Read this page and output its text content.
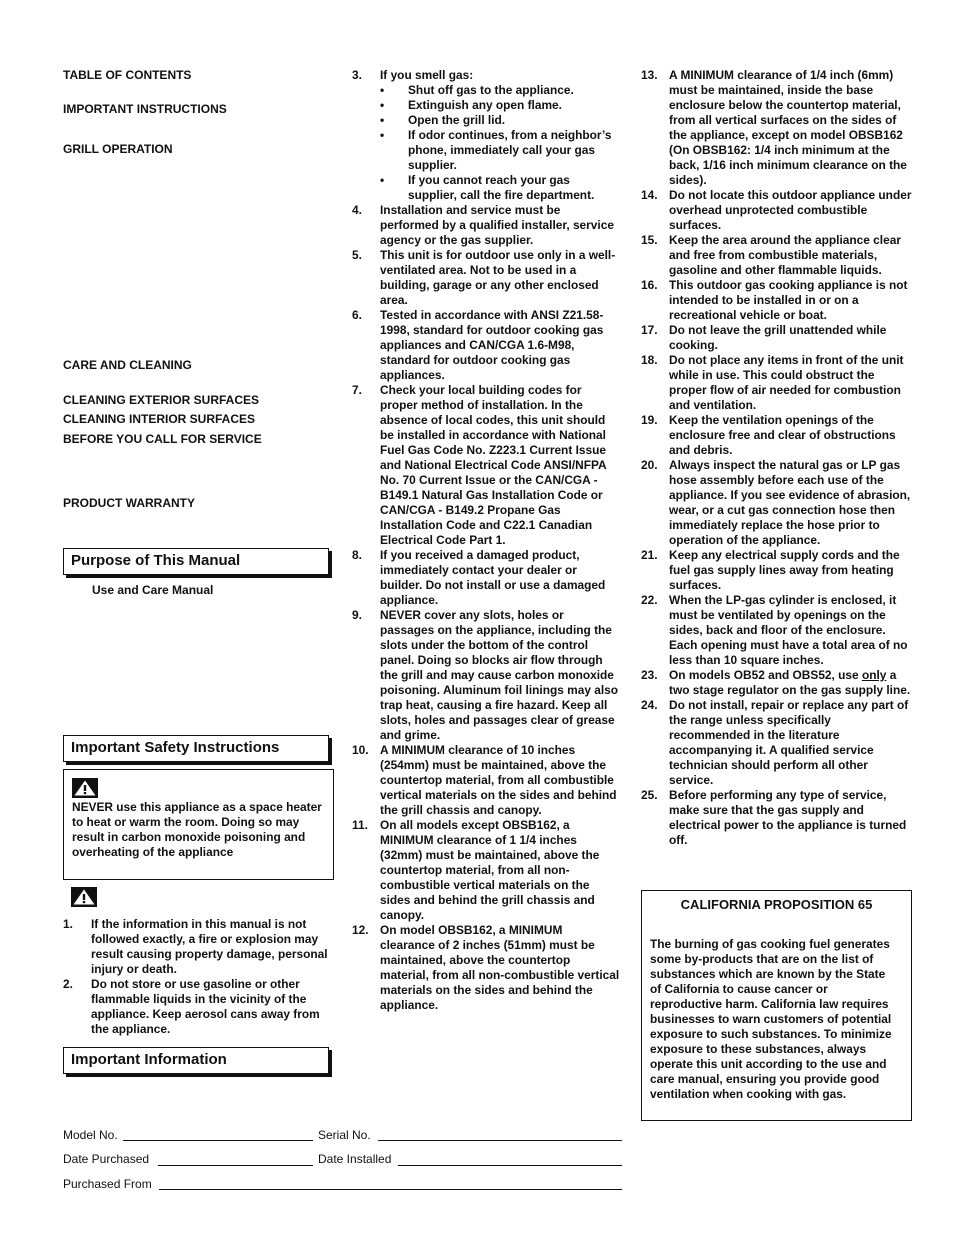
TABLE OF CONTENTS
IMPORTANT INSTRUCTIONS
GRILL OPERATION
CARE AND CLEANING
CLEANING EXTERIOR SURFACES
CLEANING INTERIOR SURFACES
BEFORE YOU CALL FOR SERVICE
PRODUCT WARRANTY
Purpose of This Manual
Use and Care Manual
Important Safety Instructions
NEVER use this appliance as a space heater to heat or warm the room. Doing so may result in carbon monoxide poisoning and overheating of the appliance
1.	If the information in this manual is not followed exactly, a fire or explosion may result causing property damage, personal injury or death.
2.	Do not store or use gasoline or other flammable liquids in the vicinity of the appliance. Keep aerosol cans away from the appliance.
Important Information
3.	If you smell gas:
•	Shut off gas to the appliance.
•	Extinguish any open flame.
•	Open the grill lid.
•	If odor continues, from a neighbor’s phone, immediately call your gas supplier.
•	If you cannot reach your gas supplier, call the fire department.
4.	Installation and service must be performed by a qualified installer, service agency or the gas supplier.
5.	This unit is for outdoor use only in a well-ventilated area. Not to be used in a building, garage or any other enclosed area.
6.	Tested in accordance with ANSI Z21.58-1998, standard for outdoor cooking gas appliances and CAN/CGA 1.6-M98, standard for outdoor cooking gas appliances.
7.	Check your local building codes for proper method of installation. In the absence of local codes, this unit should be installed in accordance with National Fuel Gas Code No. Z223.1 Current Issue and National Electrical Code ANSI/NFPA No. 70 Current Issue or the CAN/CGA - B149.1 Natural Gas Installation Code or CAN/CGA - B149.2 Propane Gas Installation Code and C22.1 Canadian Electrical Code Part 1.
8.	If you received a damaged product, immediately contact your dealer or builder. Do not install or use a damaged appliance.
9.	NEVER cover any slots, holes or passages on the appliance, including the slots under the bottom of the control panel. Doing so blocks air flow through the grill and may cause carbon monoxide poisoning. Aluminum foil linings may also trap heat, causing a fire hazard. Keep all slots, holes and passages clear of grease and grime.
10. A MINIMUM clearance of 10 inches (254mm) must be maintained, above the countertop material, from all combustible vertical materials on the sides and behind the grill chassis and canopy.
11.	On all models except OBSB162, a MINIMUM clearance of 1 1/4 inches (32mm) must be maintained, above the countertop material, from all non-combustible vertical materials on the sides and behind the grill chassis and canopy.
12. On model OBSB162, a MINIMUM clearance of 2 inches (51mm) must be maintained, above the countertop material, from all non-combustible vertical materials on the sides and behind the appliance.
13. A MINIMUM clearance of 1/4 inch (6mm) must be maintained, inside the base enclosure below the countertop material, from all vertical surfaces on the sides of the appliance, except on model OBSB162 (On OBSB162: 1/4 inch minimum at the back, 1/16 inch minimum clearance on the sides).
14. Do not locate this outdoor appliance under overhead unprotected combustible surfaces.
15. Keep the area around the appliance clear and free from combustible materials, gasoline and other flammable liquids.
16. This outdoor gas cooking appliance is not intended to be installed in or on a recreational vehicle or boat.
17. Do not leave the grill unattended while cooking.
18. Do not place any items in front of the unit while in use. This could obstruct the proper flow of air needed for combustion and ventilation.
19. Keep the ventilation openings of the enclosure free and clear of obstructions and debris.
20. Always inspect the natural gas or LP gas hose assembly before each use of the appliance. If you see evidence of abrasion, wear, or a cut gas connection hose then immediately replace the hose prior to operation of the appliance.
21. Keep any electrical supply cords and the fuel gas supply lines away from heating surfaces.
22. When the LP-gas cylinder is enclosed, it must be ventilated by openings on the sides, back and floor of the enclosure. Each opening must have a total area of no less than 10 square inches.
23. On models OB52 and OBS52, use only a two stage regulator on the gas supply line.
24. Do not install, repair or replace any part of the range unless specifically recommended in the literature accompanying it. A qualified service technician should perform all other service.
25. Before performing any type of service, make sure that the gas supply and electrical power to the appliance is turned off.
CALIFORNIA PROPOSITION 65
The burning of gas cooking fuel generates some by-products that are on the list of substances which are known by the State of California to cause cancer or reproductive harm. California law requires businesses to warn customers of potential exposure to such substances. To minimize exposure to these substances, always operate this unit according to the use and care manual, ensuring you provide good ventilation when cooking with gas.
Model No.	Serial No.
Date Purchased	Date Installed
Purchased From
